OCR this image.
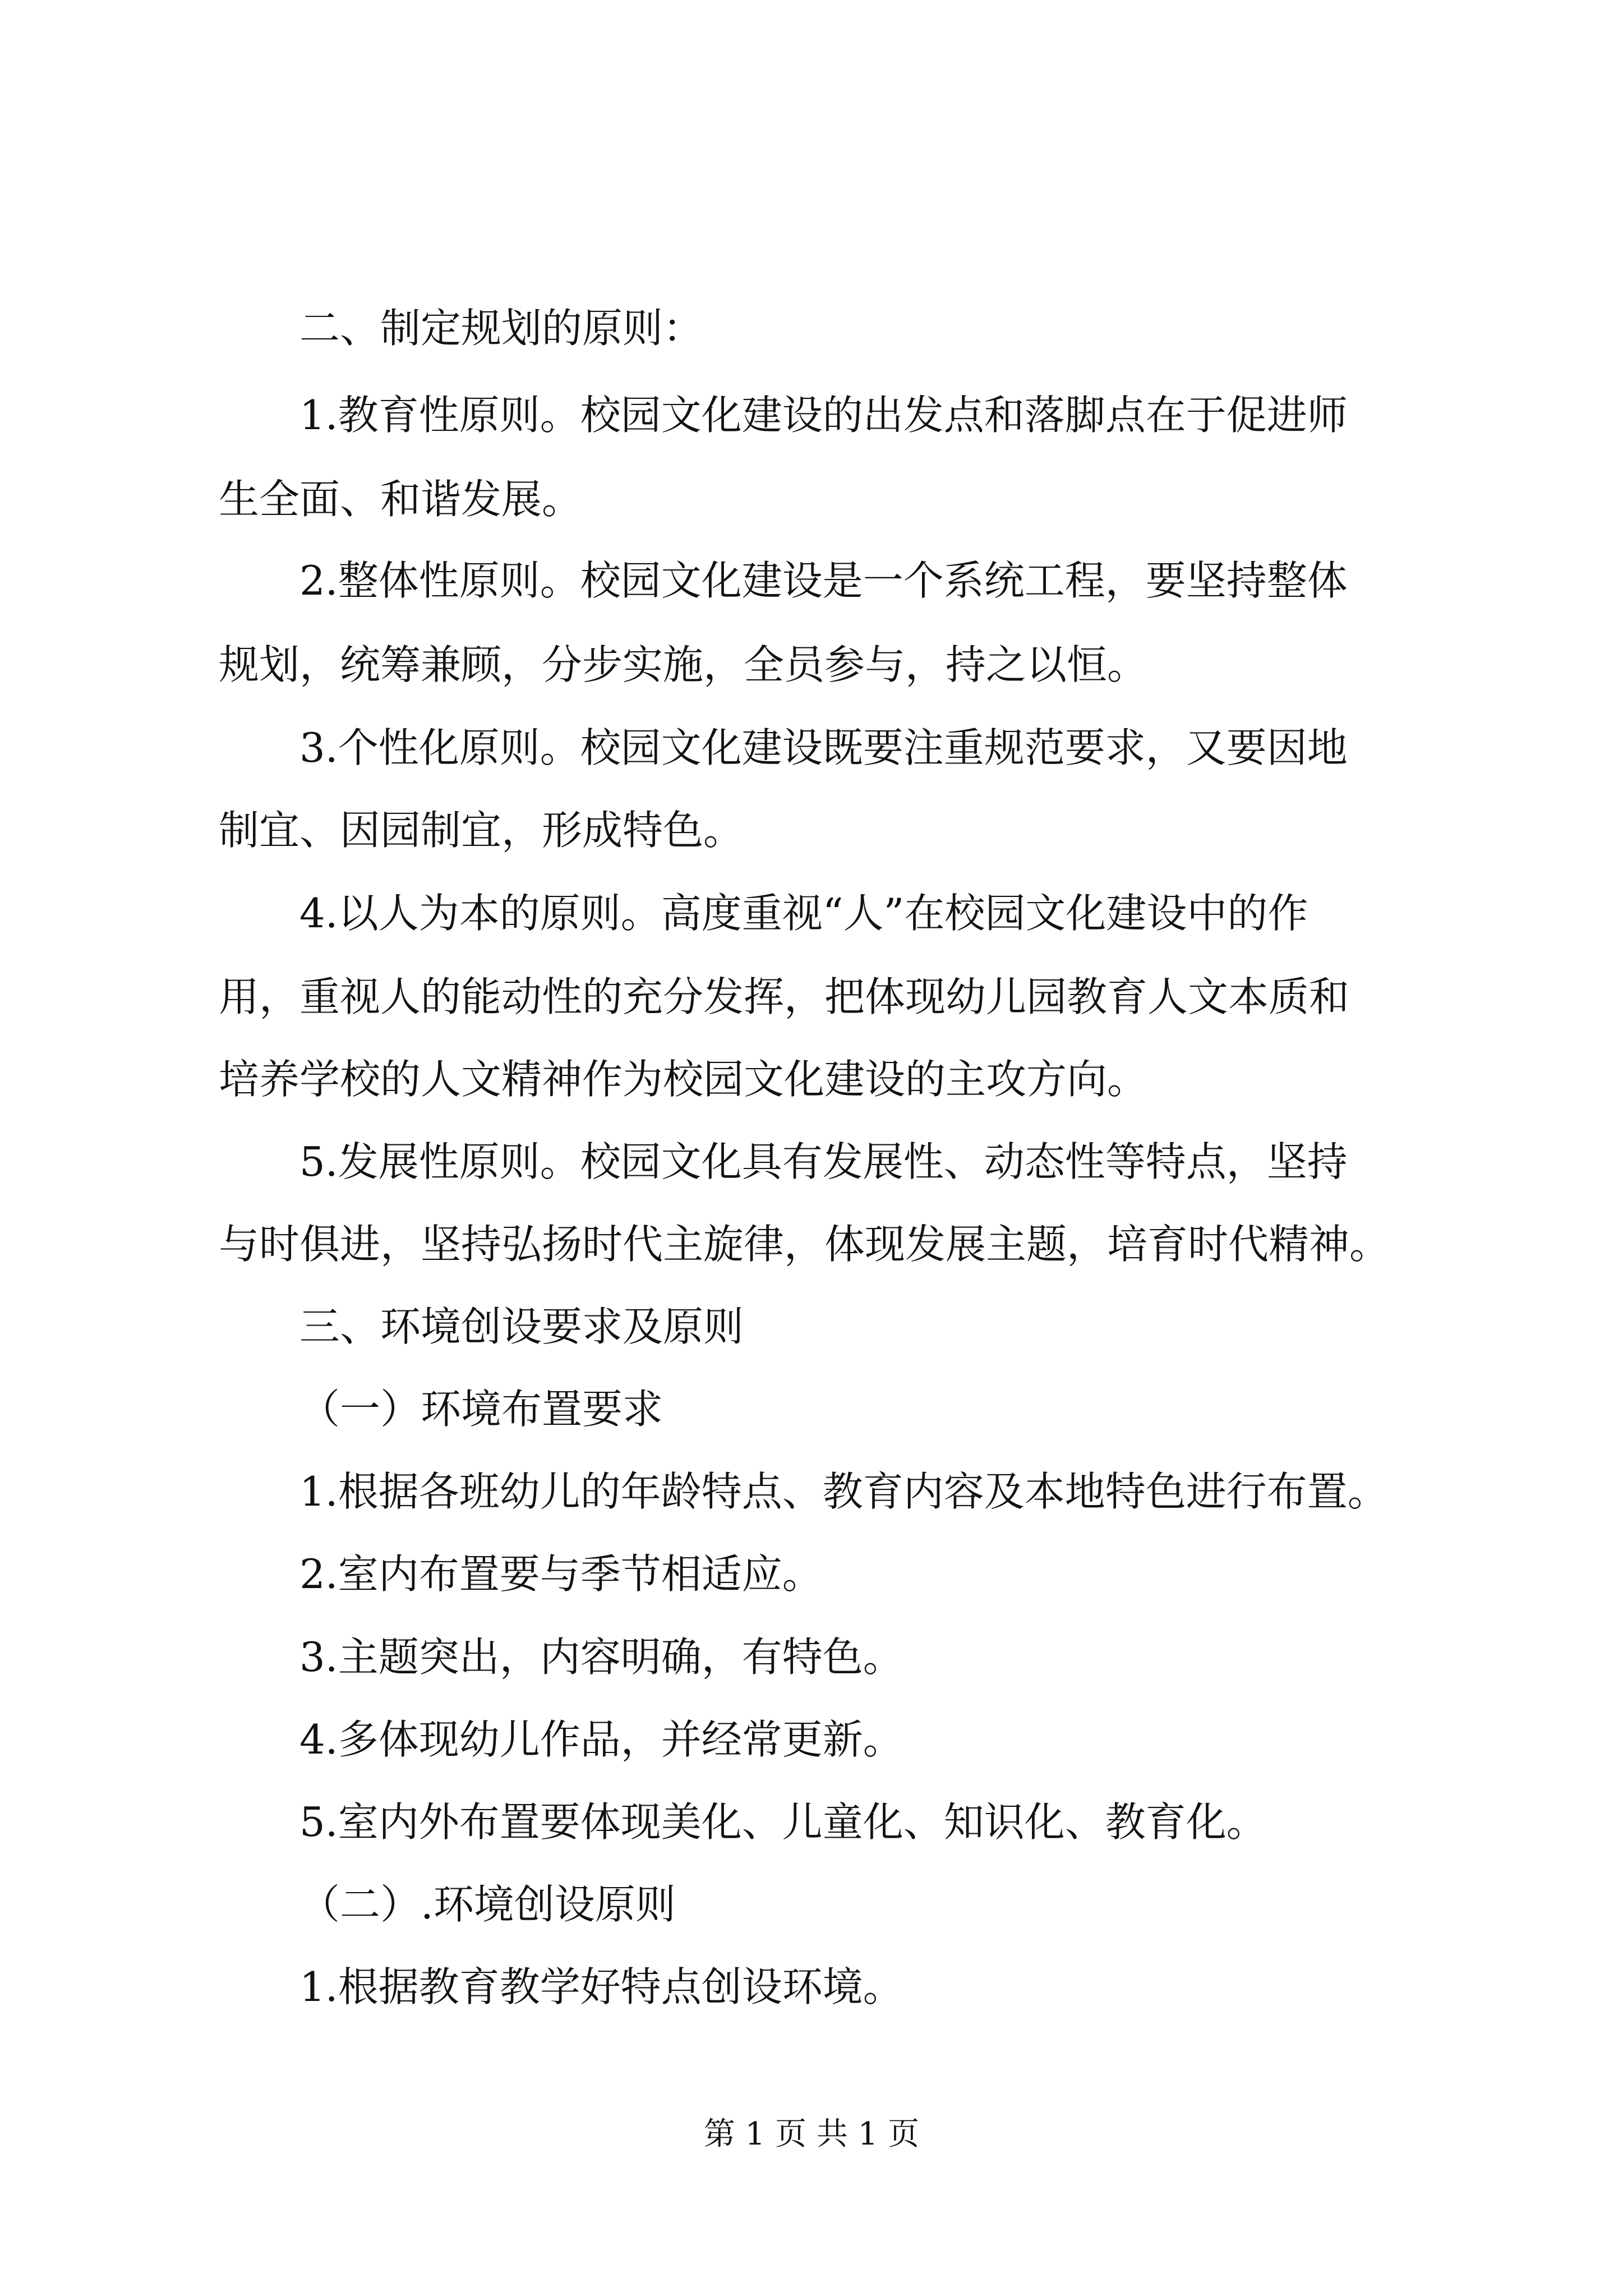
二、制定规划的原则：
1.教育性原则。校园文化建设的出发点和落脚点在于促进师
生全面、和谐发展。
2.整体性原则。校园文化建设是一个系统工程，要坚持整体
规划，统筹兼顾，分步实施，全员参与，持之以恒。
3.个性化原则。校园文化建设既要注重规范要求，又要因地
制宜、因园制宜，形成特色。
4.以人为本的原则。高度重视“人”在校园文化建设中的作
用，重视人的能动性的充分发挥，把体现幼儿园教育人文本质和
培养学校的人文精神作为校园文化建设的主攻方向。
5.发展性原则。校园文化具有发展性、动态性等特点，坚持
与时俱进，坚持弘扬时代主旋律，体现发展主题，培育时代精神。
三、环境创设要求及原则
（一）环境布置要求
1.根据各班幼儿的年龄特点、教育内容及本地特色进行布置。
2.室内布置要与季节相适应。
3.主题突出，内容明确，有特色。
4.多体现幼儿作品，并经常更新。
5.室内外布置要体现美化、儿童化、知识化、教育化。
（二）.环境创设原则
1.根据教育教学好特点创设环境。
第 1 页 共 1 页
